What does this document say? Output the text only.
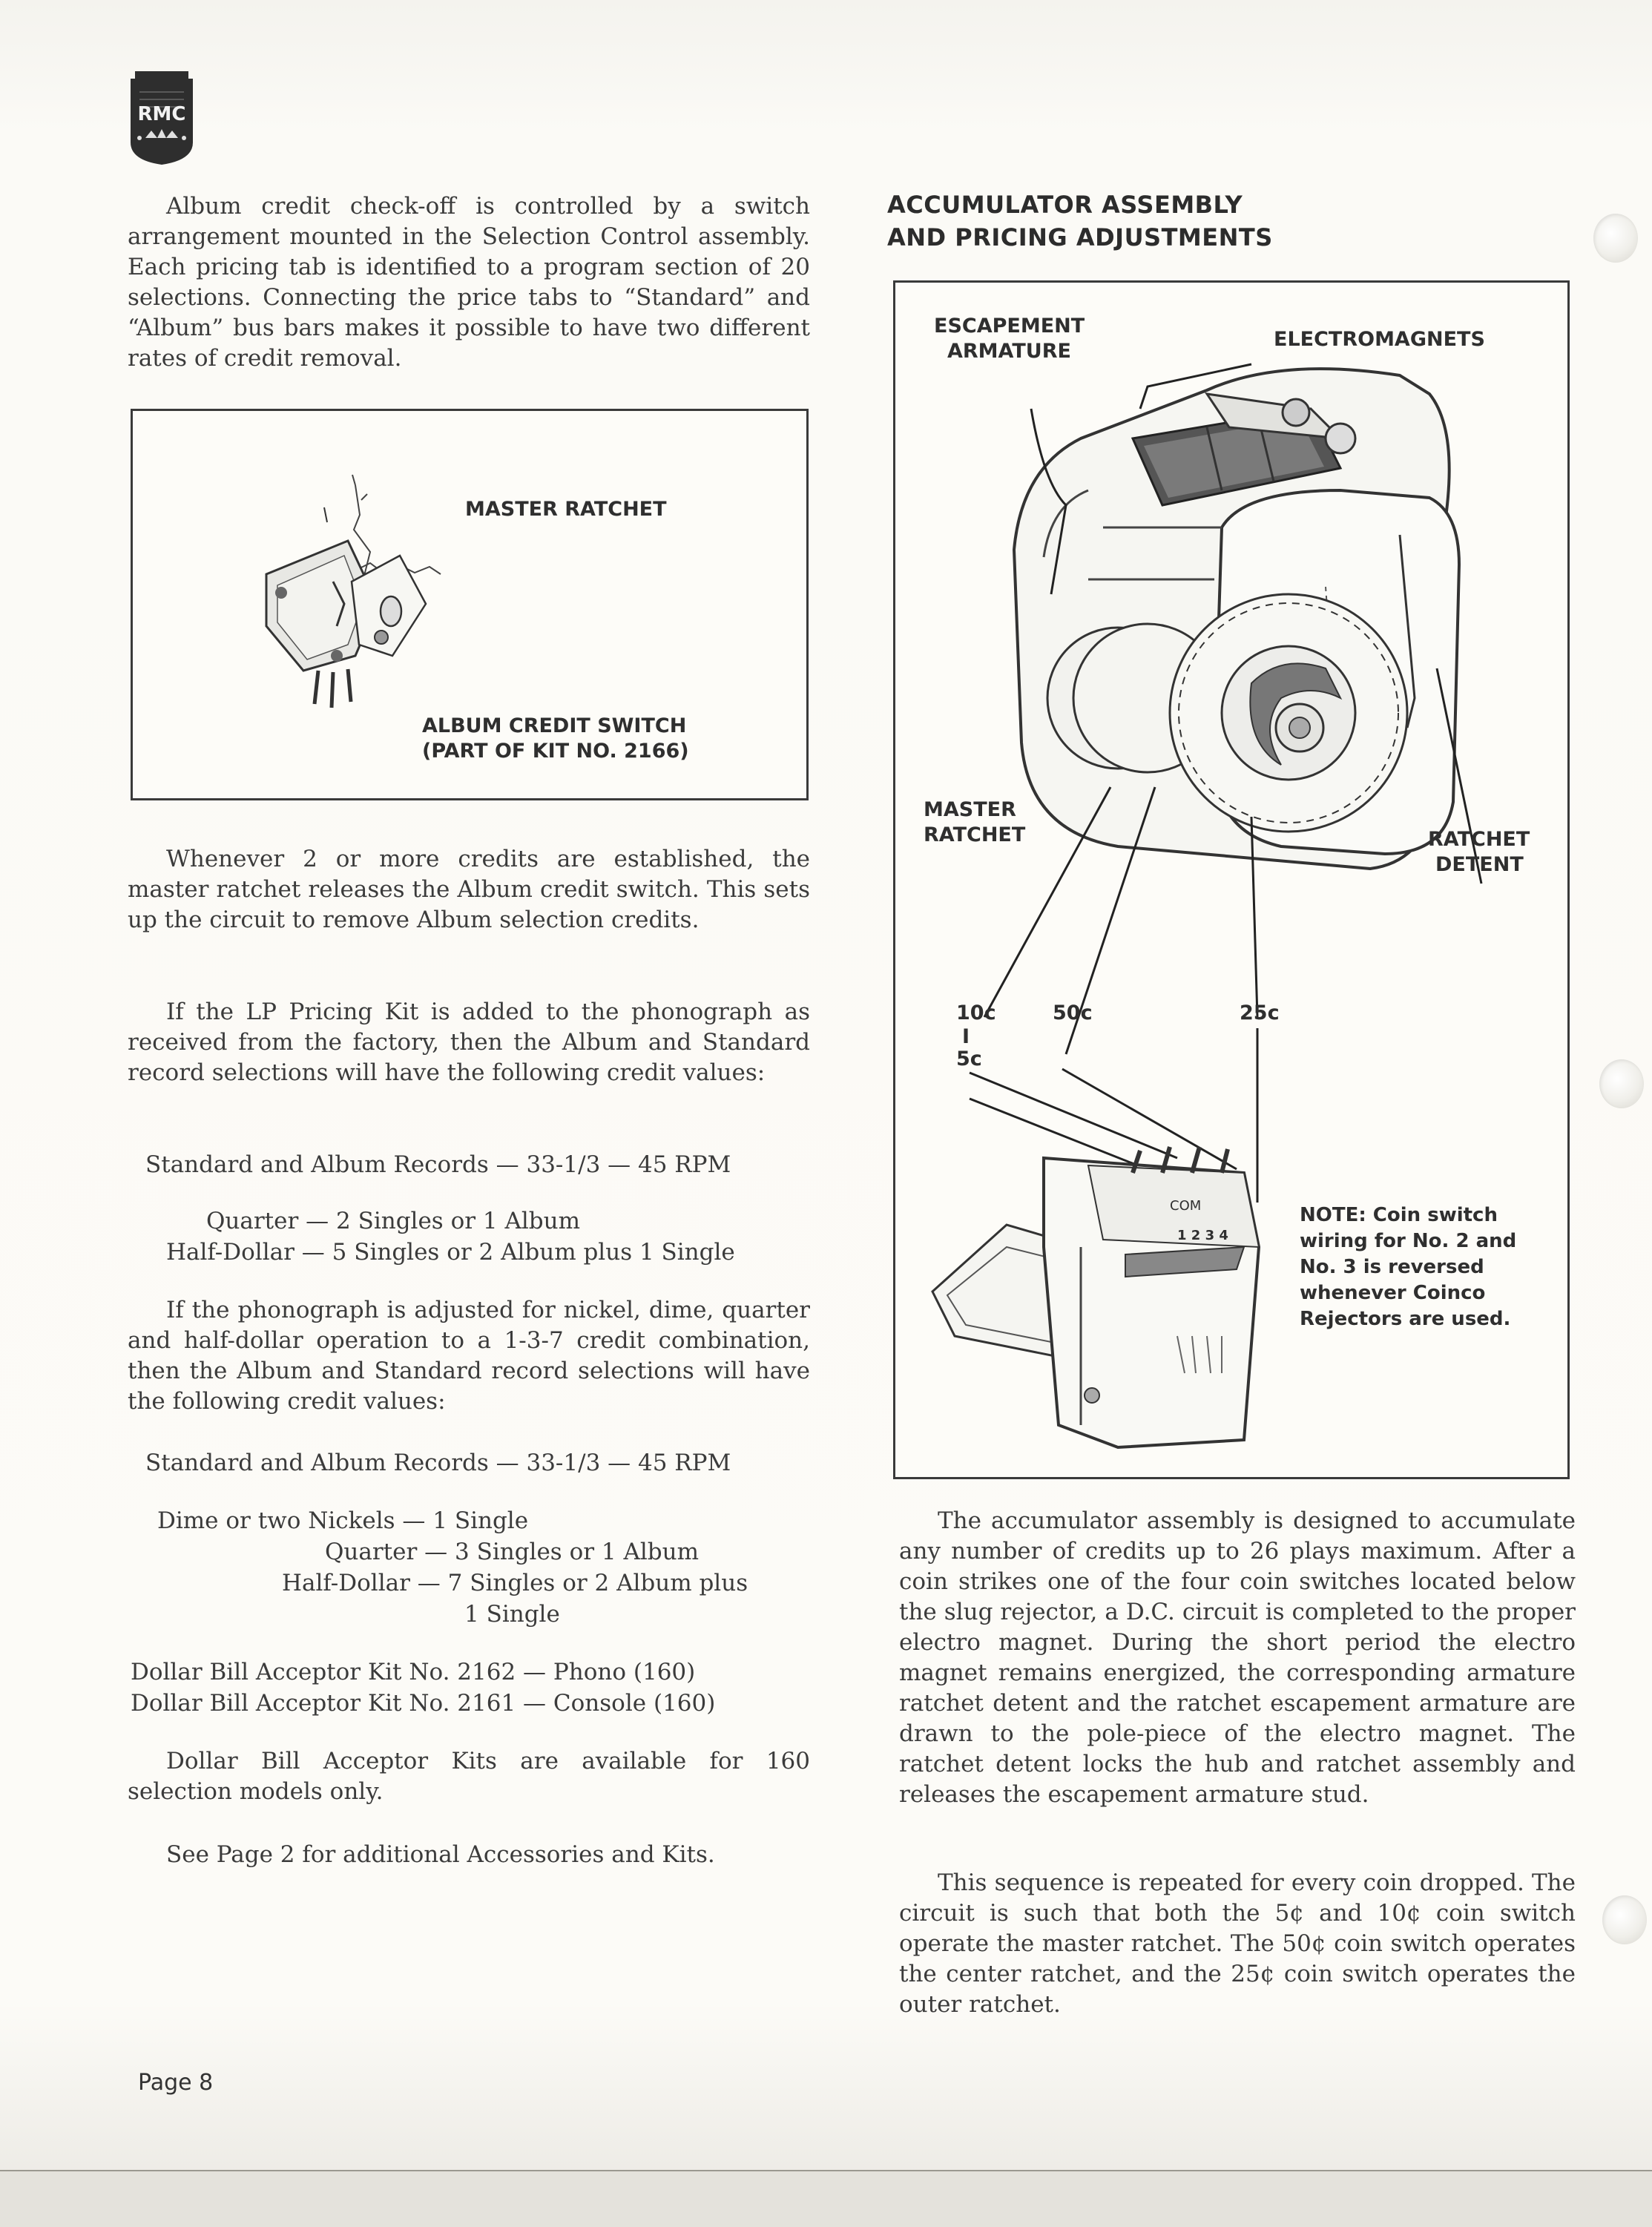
RMC

Album credit check-off is controlled by a switch arrangement mounted in the Selection Control assembly. Each pricing tab is identified to a program section of 20 selections. Connecting the price tabs to “Standard” and “Album” bus bars makes it possible to have two different rates of credit removal.

MASTER RATCHET
ALBUM CREDIT SWITCH
(PART OF KIT NO. 2166)

Whenever 2 or more credits are established, the master ratchet releases the Album credit switch. This sets up the circuit to remove Album selection credits.

If the LP Pricing Kit is added to the phonograph as received from the factory, then the Album and Standard record selections will have the following credit values:

Standard and Album Records — 33-1/3 — 45 RPM
Quarter — 2 Singles or 1 Album
Half-Dollar — 5 Singles or 2 Album plus 1 Single

If the phonograph is adjusted for nickel, dime, quarter and half-dollar operation to a 1-3-7 credit combination, then the Album and Standard record selections will have the following credit values:

Standard and Album Records — 33-1/3 — 45 RPM
Dime or two Nickels — 1 Single
Quarter — 3 Singles or 1 Album
Half-Dollar — 7 Singles or 2 Album plus
1 Single
Dollar Bill Acceptor Kit No. 2162 — Phono (160)
Dollar Bill Acceptor Kit No. 2161 — Console (160)

Dollar Bill Acceptor Kits are available for 160 selection models only.

See Page 2 for additional Accessories and Kits.

ACCUMULATOR ASSEMBLY
AND PRICING ADJUSTMENTS
ESCAPEMENT
ARMATURE
ELECTROMAGNETS
MASTER
RATCHET	RATCHET
DETENT
10c	50c	25c
I
5c
COM
1 2 3 4
NOTE: Coin switch
wiring for No. 2 and
No. 3 is reversed
whenever Coinco
Rejectors are used.

The accumulator assembly is designed to accumulate any number of credits up to 26 plays maximum. After a coin strikes one of the four coin switches located below the slug rejector, a D.C. circuit is completed to the proper electro magnet. During the short period the electro magnet remains energized, the corresponding armature ratchet detent and the ratchet escapement armature are drawn to the pole-piece of the electro magnet. The ratchet detent locks the hub and ratchet assembly and releases the escapement armature stud.

This sequence is repeated for every coin dropped. The circuit is such that both the 5¢ and 10¢ coin switch operate the master ratchet. The 50¢ coin switch operates the center ratchet, and the 25¢ coin switch operates the outer ratchet.

Page 8
